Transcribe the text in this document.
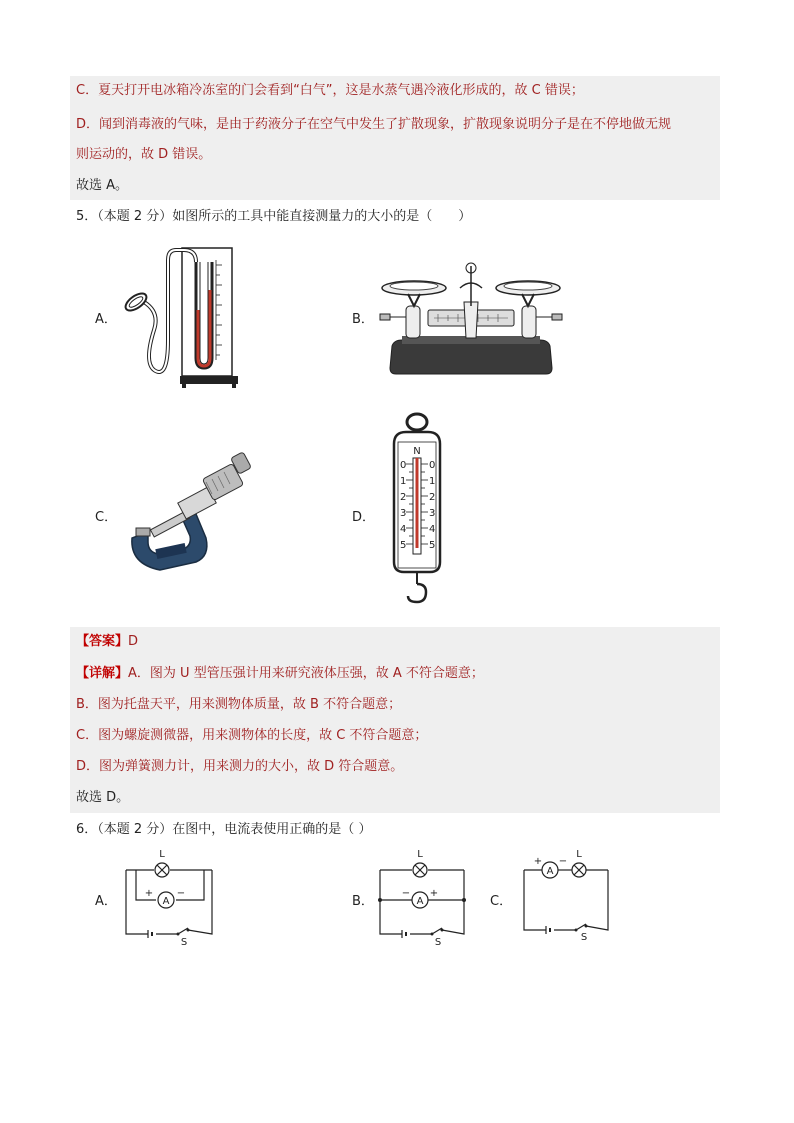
C．夏天打开电冰箱冷冻室的门会看到“白气”，这是水蒸气遇冷液化形成的，故 C 错误；
D．闻到消毒液的气味，是由于药液分子在空气中发生了扩散现象，扩散现象说明分子是在不停地做无规
则运动的，故 D 错误。
故选 A。
5．（本题 2 分）如图所示的工具中能直接测量力的大小的是（　　）
A．	B．
C．	D．
N
0
1
2
3
4
5
0
1
2
3
4
5
【答案】D
【详解】A．图为 U 型管压强计用来研究液体压强，故 A 不符合题意；
B．图为托盘天平，用来测物体质量，故 B 不符合题意；
C．图为螺旋测微器，用来测物体的长度，故 C 不符合题意；
D．图为弹簧测力计，用来测力的大小，故 D 符合题意。
故选 D。
6．（本题 2 分）在图中，电流表使用正确的是（ ）
A．
L
A
+ −
S
B．
L
A
− +
S
C．
L
A
+ −
S
